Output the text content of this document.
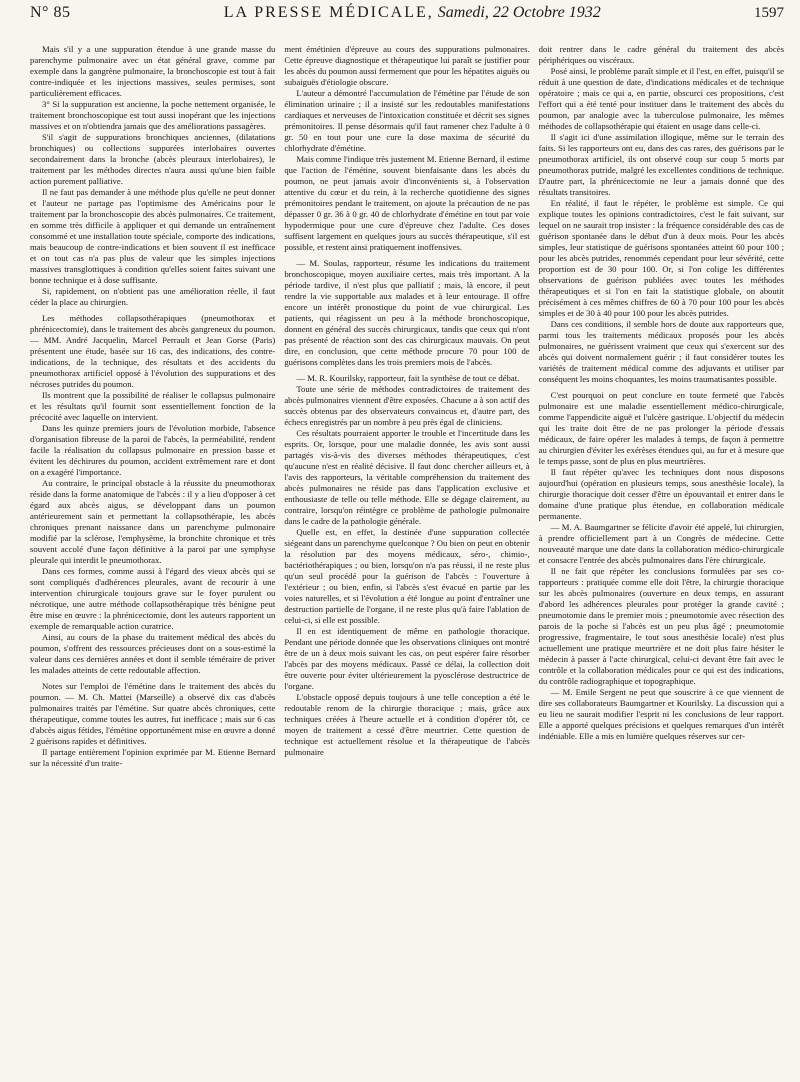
N° 85	LA PRESSE MÉDICALE, Samedi, 22 Octobre 1932	1597

Mais s'il y a une suppuration étendue à une grande masse du parenchyme pulmonaire avec un état général grave, comme par exemple dans la gangrène pulmonaire, la bronchoscopie est tout à fait contre-indiquée et les injections massives, seules permises, sont particulièrement efficaces.

3° Si la suppuration est ancienne, la poche nettement organisée, le traitement bronchoscopique est tout aussi inopérant que les injections massives et on n'obtiendra jamais que des améliorations passagères.

S'il s'agit de suppurations bronchiques anciennes, (dilatations bronchiques) ou collections suppurées interlobaires ouvertes secondairement dans la bronche (abcès pleuraux interlobaires), le traitement par les méthodes directes n'aura aussi qu'une bien faible action purement palliative.

Il ne faut pas demander à une méthode plus qu'elle ne peut donner et l'auteur ne partage pas l'optimisme des Américains pour le traitement par la bronchoscopie des abcès pulmonaires. Ce traitement, en somme très difficile à appliquer et qui demande un entraînement consommé et une installation toute spéciale, comporte des indications, mais beaucoup de contre-indications et bien souvent il est inefficace et on tout cas n'a pas plus de valeur que les simples injections massives transglottiques à condition qu'elles soient faites suivant une bonne technique et à dose suffisante.

Si, rapidement, on n'obtient pas une amélioration réelle, il faut céder la place au chirurgien.

Les méthodes collapsothérapiques (pneumothorax et phrénicectomie), dans le traitement des abcès gangreneux du poumon. — MM. André Jacquelin, Marcel Perrault et Jean Gorse (Paris) présentent une étude, basée sur 16 cas, des indications, des contre-indications, de la technique, des résultats et des accidents du pneumothorax artificiel opposé à l'évolution des suppurations et des nécroses putrides du poumon.

Ils montrent que la possibilité de réaliser le collapsus pulmonaire et les résultats qu'il fournit sont essentiellement fonction de la précocité avec laquelle on intervient.

Dans les quinze premiers jours de l'évolution morbide, l'absence d'organisation fibreuse de la paroi de l'abcès, la perméabilité, rendent facile la réalisation du collapsus pulmonaire en pression basse et évitent les déchirures du poumon, accident extrêmement rare et dont on a exagéré l'importance.

Au contraire, le principal obstacle à la réussite du pneumothorax réside dans la forme anatomique de l'abcès : il y a lieu d'opposer à cet égard aux abcès aigus, se développant dans un poumon antérieurement sain et permettant la collapsothérapie, les abcès chroniques prenant naissance dans un parenchyme pulmonaire modifié par la sclérose, l'emphysème, la bronchite chronique et très souvent accolé d'une façon définitive à la paroi par une symphyse pleurale qui interdit le pneumothorax.

Dans ces formes, comme aussi à l'égard des vieux abcès qui se sont compliqués d'adhérences pleurales, avant de recourir à une intervention chirurgicale toujours grave sur le foyer purulent ou nécrotique, une autre méthode collapsothérapique très bénigne peut être mise en œuvre : la phrénicectomie, dont les auteurs rapportent un exemple de remarquable action curatrice.

Ainsi, au cours de la phase du traitement médical des abcès du poumon, s'offrent des ressources précieuses dont on a sous-estimé la valeur dans ces dernières années et dont il semble téméraire de priver les malades atteints de cette redoutable affection.

Notes sur l'emploi de l'émétine dans le traitement des abcès du poumon. — M. Ch. Mattei (Marseille) a observé dix cas d'abcès pulmonaires traités par l'émétine. Sur quatre abcès chroniques, cette thérapeutique, comme toutes les autres, fut inefficace ; mais sur 6 cas d'abcès aigus fétides, l'émétine opportunément mise en œuvre a donné 2 guérisons rapides et définitives.

Il partage entièrement l'opinion exprimée par M. Etienne Bernard sur la nécessité d'un traite-

ment émétinien d'épreuve au cours des suppurations pulmonaires. Cette épreuve diagnostique et thérapeutique lui paraît se justifier pour les abcès du poumon aussi fermement que pour les hépatites aiguës ou subaiguës d'étiologie obscure.

L'auteur a démontré l'accumulation de l'émétine par l'étude de son élimination urinaire ; il a insisté sur les redoutables manifestations cardiaques et nerveuses de l'intoxication constituée et décrit ses signes prémonitoires. Il pense désormais qu'il faut ramener chez l'adulte à 0 gr. 50 en tout pour une cure la dose maxima de sécurité du chlorhydrate d'émétine.

Mais comme l'indique très justement M. Etienne Bernard, il estime que l'action de l'émétine, souvent bienfaisante dans les abcès du poumon, ne peut jamais avoir d'inconvénients si, à l'observation attentive du cœur et du rein, à la recherche quotidienne des signes prémonitoires pendant le traitement, on ajoute la précaution de ne pas dépasser 0 gr. 36 à 0 gr. 40 de chlorhydrate d'émétine en tout par voie hypodermique pour une cure d'épreuve chez l'adulte. Ces doses suffisent largement en quelques jours au succès thérapeutique, s'il est possible, et restent ainsi pratiquement inoffensives.

— M. Soulas, rapporteur, résume les indications du traitement bronchoscopique, moyen auxiliaire certes, mais très important. A la période tardive, il n'est plus que palliatif ; mais, là encore, il peut rendre la vie supportable aux malades et à leur entourage. Il offre encore un intérêt pronostique du point de vue chirurgical. Les patients, qui réagissent un peu à la méthode bronchoscopique, donnent en général des succès chirurgicaux, tandis que ceux qui n'ont pas présenté de réaction sont des cas chirurgicaux mauvais. On peut dire, en conclusion, que cette méthode procure 70 pour 100 de guérisons complètes dans les trois premiers mois de l'abcès.

— M. R. Kourilsky, rapporteur, fait la synthèse de tout ce débat.

Toute une série de méthodes contradictoires de traitement des abcès pulmonaires viennent d'être exposées. Chacune a à son actif des succès obtenus par des observateurs convaincus et, d'autre part, des échecs enregistrés par un nombre à peu près égal de cliniciens.

Ces résultats pourraient apporter le trouble et l'incertitude dans les esprits. Or, lorsque, pour une maladie donnée, les avis sont aussi partagés vis-à-vis des diverses méthodes thérapeutiques, c'est qu'aucune n'est en réalité décisive. Il faut donc chercher ailleurs et, à l'avis des rapporteurs, la véritable compréhension du traitement des abcès pulmonaires ne réside pas dans l'application exclusive et enthousiaste de telle ou telle méthode. Elle se dégage clairement, au contraire, lorsqu'on réintègre ce problème de pathologie pulmonaire dans le cadre de la pathologie générale.

Quelle est, en effet, la destinée d'une suppuration collectée siégeant dans un parenchyme quelconque ? Ou bien on peut en obtenir la résolution par des moyens médicaux, séro-, chimio-, bactériothérapiques ; ou bien, lorsqu'on n'a pas réussi, il ne reste plus qu'un seul procédé pour la guérison de l'abcès : l'ouverture à l'extérieur ; ou bien, enfin, si l'abcès s'est évacué en partie par les voies naturelles, et si l'évolution a été longue au point d'entraîner une destruction partielle de l'organe, il ne reste plus qu'à faire l'ablation de celui-ci, si elle est possible.

Il en est identiquement de même en pathologie thoracique. Pendant une période donnée que les observations cliniques ont montré être de un à deux mois suivant les cas, on peut espérer faire résorber l'abcès par des moyens médicaux. Passé ce délai, la collection doit être ouverte pour éviter ultérieurement la pyosclérose destructrice de l'organe.

L'obstacle opposé depuis toujours à une telle conception a été le redoutable renom de la chirurgie thoracique ; mais, grâce aux techniques créées à l'heure actuelle et à condition d'opérer tôt, ce moyen de traitement a cessé d'être meurtrier. Cette question de technique est actuellement résolue et la thérapeutique de l'abcès pulmonaire

doit rentrer dans le cadre général du traitement des abcès périphériques ou viscéraux.

Posé ainsi, le problème paraît simple et il l'est, en effet, puisqu'il se réduit à une question de date, d'indications médicales et de technique opératoire ; mais ce qui a, en partie, obscurci ces propositions, c'est l'effort qui a été tenté pour instituer dans le traitement des abcès du poumon, par analogie avec la tuberculose pulmonaire, les mêmes méthodes de collapsothérapie qui étaient en usage dans celle-ci.

Il s'agit ici d'une assimilation illogique, même sur le terrain des faits. Si les rapporteurs ont eu, dans des cas rares, des guérisons par le pneumothorax artificiel, ils ont observé coup sur coup 5 morts par pneumothorax putride, malgré les excellentes conditions de technique. D'autre part, la phrénicectomie ne leur a jamais donné que des résultats transitoires.

En réalité, il faut le répéter, le problème est simple. Ce qui explique toutes les opinions contradictoires, c'est le fait suivant, sur lequel on ne saurait trop insister : la fréquence considérable des cas de guérison spontanée dans le début d'un à deux mois. Pour les abcès simples, leur statistique de guérisons spontanées atteint 60 pour 100 ; pour les abcès putrides, renommés cependant pour leur sévérité, cette proportion est de 30 pour 100. Or, si l'on colige les différentes observations de guérison publiées avec toutes les méthodes thérapeutiques et si l'on en fait la statistique globale, on aboutit précisément à ces mêmes chiffres de 60 à 70 pour 100 pour les abcès simples et de 30 à 40 pour 100 pour les abcès putrides.

Dans ces conditions, il semble hors de doute aux rapporteurs que, parmi tous les traitements médicaux proposés pour les abcès pulmonaires, ne guérissent vraiment que ceux qui s'exercent sur des abcès qui doivent normalement guérir ; il faut considérer toutes les variétés de traitement médical comme des adjuvants et utiliser par conséquent les moins choquantes, les moins traumatisantes possible.

C'est pourquoi on peut conclure en toute fermeté que l'abcès pulmonaire est une maladie essentiellement médico-chirurgicale, comme l'appendicite aiguë et l'ulcère gastrique. L'objectif du médecin qui les traite doit être de ne pas prolonger la période d'essais médicaux, de faire opérer les malades à temps, de façon à permettre au chirurgien d'éviter les exérèses étendues qui, au fur et à mesure que le temps passe, sont de plus en plus meurtrières.

Il faut répéter qu'avec les techniques dont nous disposons aujourd'hui (opération en plusieurs temps, sous anesthésie locale), la chirurgie thoracique doit cesser d'être un épouvantail et entrer dans le domaine d'une pratique plus étendue, en collaboration médicale permanente.

— M. A. Baumgartner se félicite d'avoir été appelé, lui chirurgien, à prendre officiellement part à un Congrès de médecine. Cette nouveauté marque une date dans la collaboration médico-chirurgicale et consacre l'entrée des abcès pulmonaires dans l'ère chirurgicale.

Il ne fait que répéter les conclusions formulées par ses co-rapporteurs : pratiquée comme elle doit l'être, la chirurgie thoracique sur les abcès pulmonaires (ouverture en deux temps, en assurant d'abord les adhérences pleurales pour protéger la grande cavité ; pneumotomie dans le premier mois ; pneumotomie avec résection des parois de la poche si l'abcès est un peu plus âgé ; pneumotomie progressive, fragmentaire, le tout sous anesthésie locale) n'est plus actuellement une pratique meurtrière et ne doit plus faire hésiter le médecin à passer à l'acte chirurgical, celui-ci devant être fait avec le contrôle et la collaboration médicales pour ce qui est des indications, du contrôle radiographique et topographique.

— M. Emile Sergent ne peut que souscrire à ce que viennent de dire ses collaborateurs Baumgartner et Kourilsky. La discussion qui a eu lieu ne saurait modifier l'esprit ni les conclusions de leur rapport. Elle a apporté quelques précisions et quelques remarques d'un intérêt indéniable. Elle a mis en lumière quelques réserves sur cer-
